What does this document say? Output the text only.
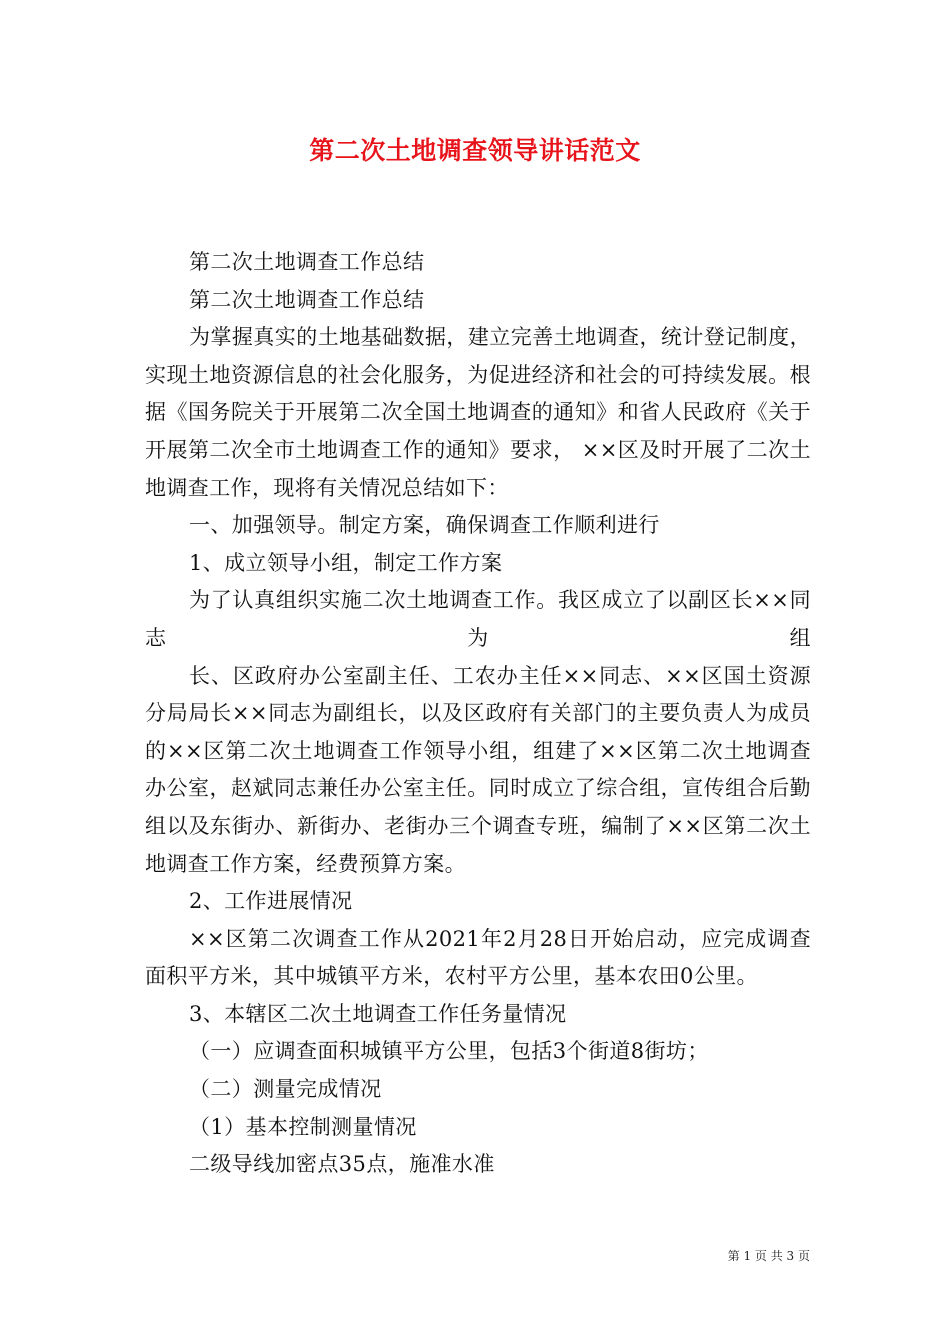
第二次土地调查领导讲话范文

第二次土地调查工作总结

第二次土地调查工作总结

为掌握真实的土地基础数据，建立完善土地调查，统计登记制度，实现土地资源信息的社会化服务，为促进经济和社会的可持续发展。根据《国务院关于开展第二次全国土地调查的通知》和省人民政府《关于开展第二次全市土地调查工作的通知》要求， ××区及时开展了二次土地调查工作，现将有关情况总结如下：

一、加强领导。制定方案，确保调查工作顺利进行

1、成立领导小组，制定工作方案

为了认真组织实施二次土地调查工作。我区成立了以副区长××同志为组

长、区政府办公室副主任、工农办主任××同志、××区国土资源分局局长××同志为副组长，以及区政府有关部门的主要负责人为成员的××区第二次土地调查工作领导小组，组建了××区第二次土地调查办公室，赵斌同志兼任办公室主任。同时成立了综合组，宣传组合后勤组以及东街办、新街办、老街办三个调查专班，编制了××区第二次土地调查工作方案，经费预算方案。

2、工作进展情况

××区第二次调查工作从2021年2月28日开始启动，应完成调查面积平方米，其中城镇平方米，农村平方公里，基本农田0公里。

3、本辖区二次土地调查工作任务量情况

（一）应调查面积城镇平方公里，包括3个街道8街坊；

（二）测量完成情况

（1）基本控制测量情况

二级导线加密点35点，施准水准

第 1 页 共 3 页
